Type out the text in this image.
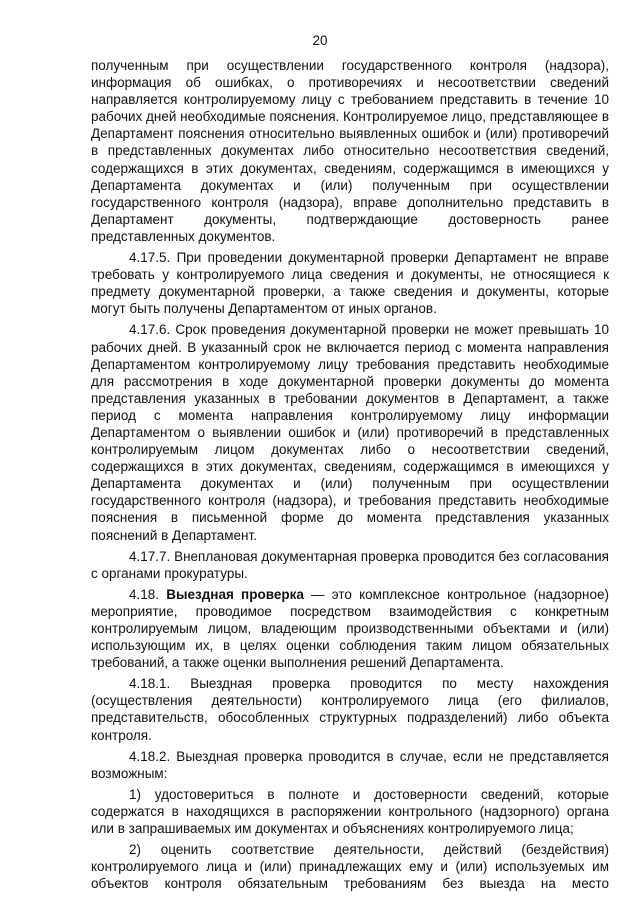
20

полученным при осуществлении государственного контроля (надзора), информация об ошибках, о противоречиях и несоответствии сведений направляется контролируемому лицу с требованием представить в течение 10 рабочих дней необходимые пояснения. Контролируемое лицо, представляющее в Департамент пояснения относительно выявленных ошибок и (или) противоречий в представленных документах либо относительно несоответствия сведений, содержащихся в этих документах, сведениям, содержащимся в имеющихся у Департамента документах и (или) полученным при осуществлении государственного контроля (надзора), вправе дополнительно представить в Департамент документы, подтверждающие достоверность ранее представленных документов.

4.17.5. При проведении документарной проверки Департамент не вправе требовать у контролируемого лица сведения и документы, не относящиеся к предмету документарной проверки, а также сведения и документы, которые могут быть получены Департаментом от иных органов.

4.17.6. Срок проведения документарной проверки не может превышать 10 рабочих дней. В указанный срок не включается период с момента направления Департаментом контролируемому лицу требования представить необходимые для рассмотрения в ходе документарной проверки документы до момента представления указанных в требовании документов в Департамент, а также период с момента направления контролируемому лицу информации Департаментом о выявлении ошибок и (или) противоречий в представленных контролируемым лицом документах либо о несоответствии сведений, содержащихся в этих документах, сведениям, содержащимся в имеющихся у Департамента документах и (или) полученным при осуществлении государственного контроля (надзора), и требования представить необходимые пояснения в письменной форме до момента представления указанных пояснений в Департамент.

4.17.7. Внеплановая документарная проверка проводится без согласования с органами прокуратуры.

4.18. Выездная проверка — это комплексное контрольное (надзорное) мероприятие, проводимое посредством взаимодействия с конкретным контролируемым лицом, владеющим производственными объектами и (или) использующим их, в целях оценки соблюдения таким лицом обязательных требований, а также оценки выполнения решений Департамента.

4.18.1. Выездная проверка проводится по месту нахождения (осуществления деятельности) контролируемого лица (его филиалов, представительств, обособленных структурных подразделений) либо объекта контроля.

4.18.2. Выездная проверка проводится в случае, если не представляется возможным:

1) удостовериться в полноте и достоверности сведений, которые содержатся в находящихся в распоряжении контрольного (надзорного) органа или в запрашиваемых им документах и объяснениях контролируемого лица;

2) оценить соответствие деятельности, действий (бездействия) контролируемого лица и (или) принадлежащих ему и (или) используемых им объектов контроля обязательным требованиям без выезда на место
